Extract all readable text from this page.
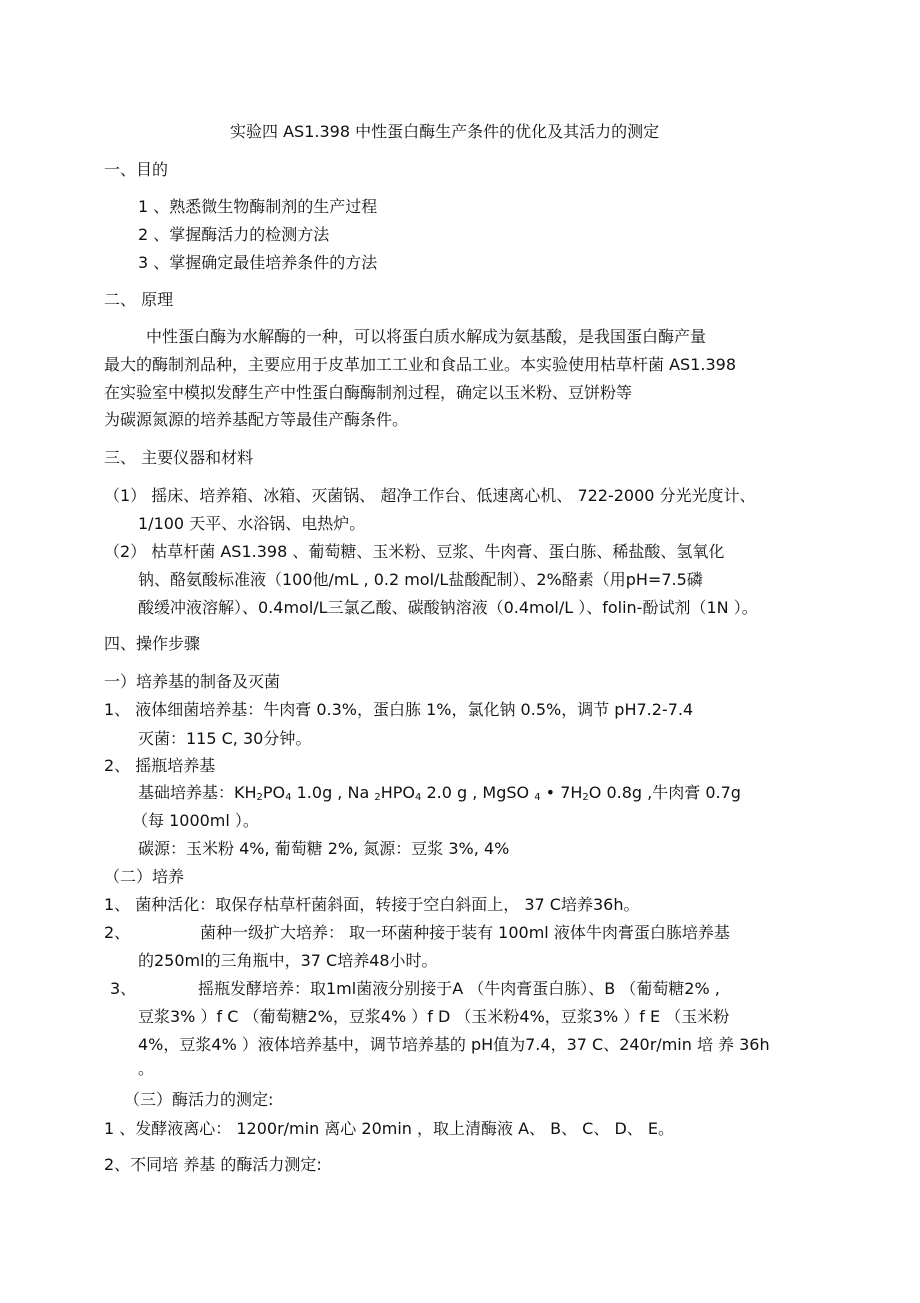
实验四 AS1.398 中性蛋白酶生产条件的优化及其活力的测定
一、目的
1 、熟悉微生物酶制剂的生产过程
2 、掌握酶活力的检测方法
3 、掌握确定最佳培养条件的方法
二、 原理
中性蛋白酶为水解酶的一种，可以将蛋白质水解成为氨基酸，是我国蛋白酶产量
最大的酶制剂品种，主要应用于皮革加工工业和食品工业。本实验使用枯草杆菌 AS1.398
在实验室中模拟发酵生产中性蛋白酶酶制剂过程，确定以玉米粉、豆饼粉等
为碳源氮源的培养基配方等最佳产酶条件。
三、 主要仪器和材料
（1） 摇床、培养箱、冰箱、灭菌锅、 超净工作台、低速离心机、 722-2000 分光光度计、
1/100 天平、水浴锅、电热炉。
（2） 枯草杆菌 AS1.398 、葡萄糖、玉米粉、豆浆、牛肉膏、蛋白胨、稀盐酸、氢氧化
钠、酪氨酸标准液（100他/mL , 0.2 mol/L盐酸配制）、2%酪素（用pH=7.5磷
酸缓冲液溶解）、0.4mol/L三氯乙酸、碳酸钠溶液（0.4mol/L ）、folin-酚试剂（1N ）。
四、操作步骤
一）培养基的制备及灭菌
1、 液体细菌培养基：牛肉膏 0.3%，蛋白胨 1%，氯化钠 0.5%，调节 pH7.2-7.4
灭菌：115 C, 30分钟。
2、 摇瓶培养基
基础培养基：$KH_2PO_4$ 1.0g , Na $_2HPO_4$ 2.0 g , MgSO $_4$ • $7H_2O$ 0.8g ,牛肉膏 0.7g
（每 1000ml ）。
碳源：玉米粉 4%, 葡萄糖 2%, 氮源：豆浆 3%, 4%
（二）培养
1、 菌种活化：取保存枯草杆菌斜面，转接于空白斜面上， 37 C培养36h。
2、	菌种一级扩大培养： 取一环菌种接于装有 100ml 液体牛肉膏蛋白胨培养基
的250ml的三角瓶中，37 C培养48小时。
3、	摇瓶发酵培养：取1ml菌液分别接于A （牛肉膏蛋白胨）、B （葡萄糖2% ,
豆浆3% ）f C （葡萄糖2%，豆浆4% ）f D （玉米粉4%，豆浆3% ）f E （玉米粉
4%，豆浆4% ）液体培养基中，调节培养基的 pH值为7.4，37 C、240r/min 培 养 36h
。
（三）酶活力的测定:
1 、发酵液离心： 1200r/min 离心 20min ，取上清酶液 A、 B、 C、 D、 E。
2、不同培 养基 的酶活力测定:
